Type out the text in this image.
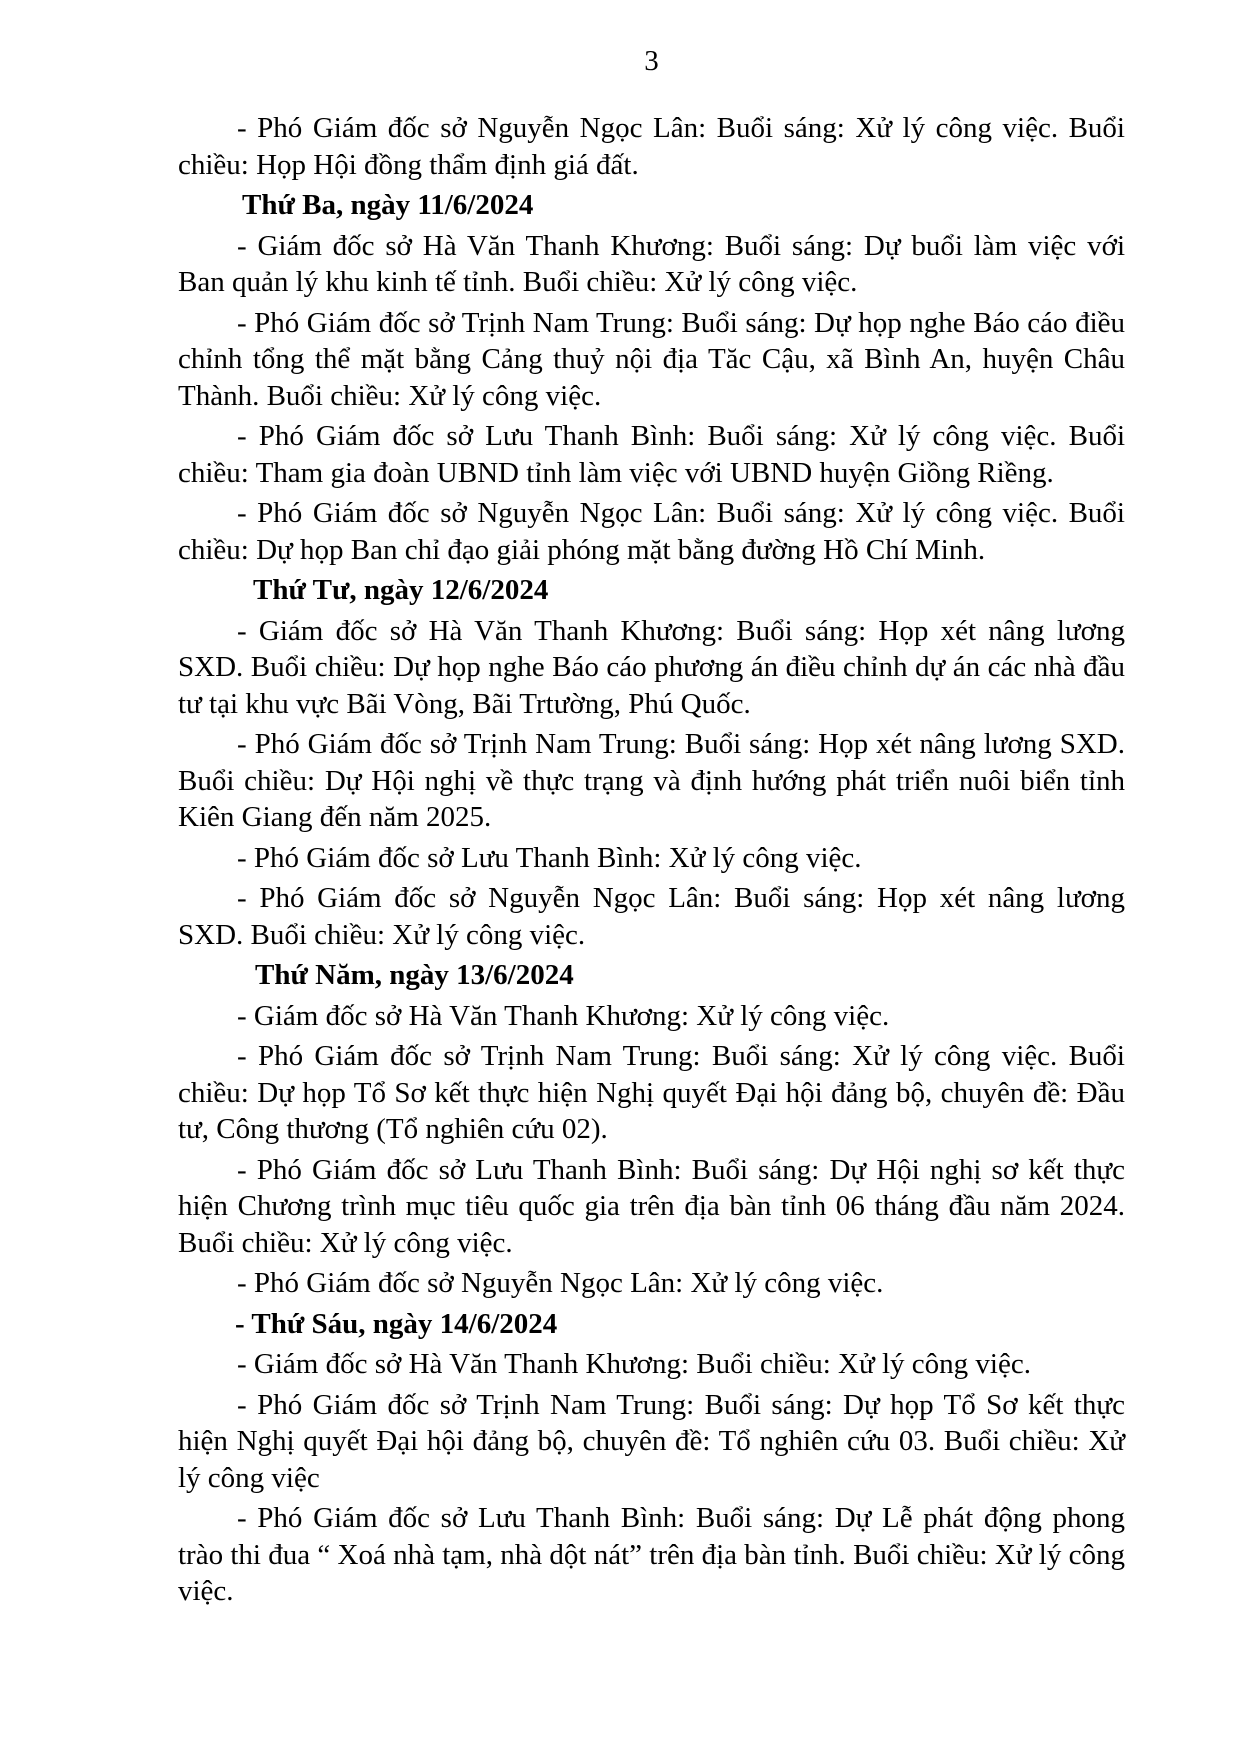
3

- Phó Giám đốc sở Nguyễn Ngọc Lân: Buổi sáng: Xử lý công việc. Buổi chiều: Họp Hội đồng thẩm định giá đất.

Thứ Ba, ngày 11/6/2024

- Giám đốc sở Hà Văn Thanh Khương: Buổi sáng: Dự buổi làm việc với Ban quản lý khu kinh tế tỉnh. Buổi chiều: Xử lý công việc.

- Phó Giám đốc sở Trịnh Nam Trung: Buổi sáng: Dự họp nghe Báo cáo điều chỉnh tổng thể mặt bằng Cảng thuỷ nội địa Tăc Cậu, xã Bình An, huyện Châu Thành. Buổi chiều: Xử lý công việc.

- Phó Giám đốc sở Lưu Thanh Bình: Buổi sáng: Xử lý công việc. Buổi chiều: Tham gia đoàn UBND tỉnh làm việc với UBND huyện Giồng Riềng.

- Phó Giám đốc sở Nguyễn Ngọc Lân: Buổi sáng: Xử lý công việc. Buổi chiều: Dự họp Ban chỉ đạo giải phóng mặt bằng đường Hồ Chí Minh.

Thứ Tư, ngày 12/6/2024

- Giám đốc sở Hà Văn Thanh Khương: Buổi sáng: Họp xét nâng lương SXD. Buổi chiều: Dự họp nghe Báo cáo phương án điều chỉnh dự án các nhà đầu tư tại khu vực Bãi Vòng, Bãi Trtường, Phú Quốc.

- Phó Giám đốc sở Trịnh Nam Trung: Buổi sáng: Họp xét nâng lương SXD. Buổi chiều: Dự Hội nghị về thực trạng và định hướng phát triển nuôi biển tỉnh Kiên Giang đến năm 2025.

- Phó Giám đốc sở Lưu Thanh Bình: Xử lý công việc.

- Phó Giám đốc sở Nguyễn Ngọc Lân: Buổi sáng: Họp xét nâng lương SXD. Buổi chiều: Xử lý công việc.

Thứ Năm, ngày 13/6/2024

- Giám đốc sở Hà Văn Thanh Khương: Xử lý công việc.

- Phó Giám đốc sở Trịnh Nam Trung: Buổi sáng: Xử lý công việc. Buổi chiều: Dự họp Tổ Sơ kết thực hiện Nghị quyết Đại hội đảng bộ, chuyên đề: Đầu tư, Công thương (Tổ nghiên cứu 02).

- Phó Giám đốc sở Lưu Thanh Bình: Buổi sáng: Dự Hội nghị sơ kết thực hiện Chương trình mục tiêu quốc gia trên địa bàn tỉnh 06 tháng đầu năm 2024. Buổi chiều: Xử lý công việc.

- Phó Giám đốc sở Nguyễn Ngọc Lân: Xử lý công việc.

- Thứ Sáu, ngày 14/6/2024

- Giám đốc sở Hà Văn Thanh Khương: Buổi chiều: Xử lý công việc.

- Phó Giám đốc sở Trịnh Nam Trung: Buổi sáng: Dự họp Tổ Sơ kết thực hiện Nghị quyết Đại hội đảng bộ, chuyên đề: Tổ nghiên cứu 03. Buổi chiều: Xử lý công việc

- Phó Giám đốc sở Lưu Thanh Bình: Buổi sáng: Dự Lễ phát động phong trào thi đua “ Xoá nhà tạm, nhà dột nát” trên địa bàn tỉnh. Buổi chiều: Xử lý công việc.
